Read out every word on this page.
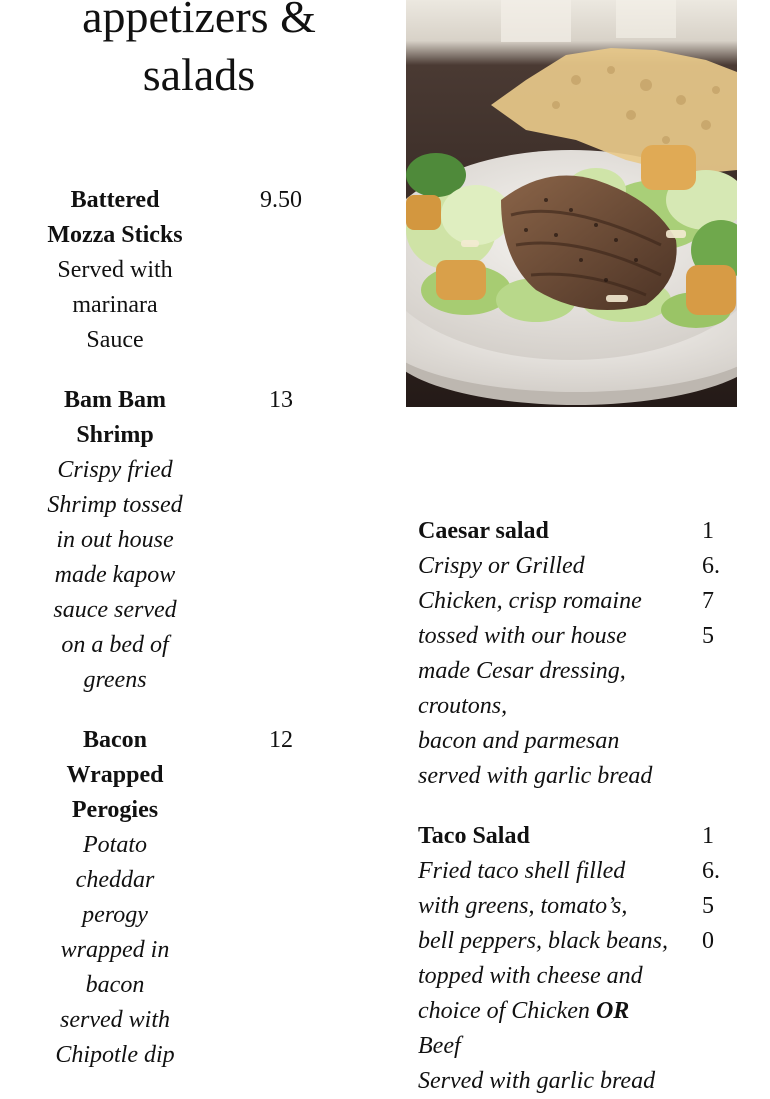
appetizers &
salads
Battered
Mozza Sticks
Served with
marinara
Sauce
9.50
Bam Bam
Shrimp
Crispy fried
Shrimp tossed
in out house
made kapow
sauce served
on a bed of
greens
13
Bacon
Wrapped
Perogies
Potato
cheddar
perogy
wrapped in
bacon
served with
Chipotle dip
12
Caesar salad
Crispy or Grilled
Chicken, crisp romaine
tossed with our house
made Cesar dressing,
croutons,
bacon and parmesan
served with garlic bread
1
6.
7
5
Taco Salad
Fried taco shell filled
with greens, tomato’s,
bell peppers, black beans,
topped with cheese and
choice of Chicken OR
Beef
Served with garlic bread
1
6.
5
0
